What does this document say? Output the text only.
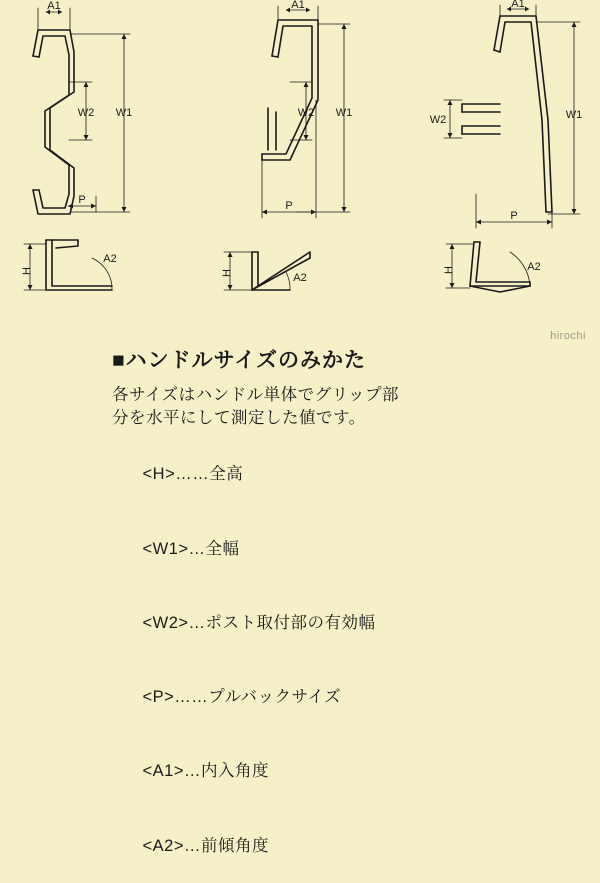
A1
W2 W1
P
A1
W2 W1
P
A1
W2	W1
P
H
A2
H	A2
H	A2
hirochi
■ハンドルサイズのみかた
各サイズはハンドル単体でグリップ部
分を水平にして測定した値です。

<H>……全高

<W1>…全幅

<W2>…ポスト取付部の有効幅

<P>……プルバックサイズ

<A1>…内入角度

<A2>…前傾角度
